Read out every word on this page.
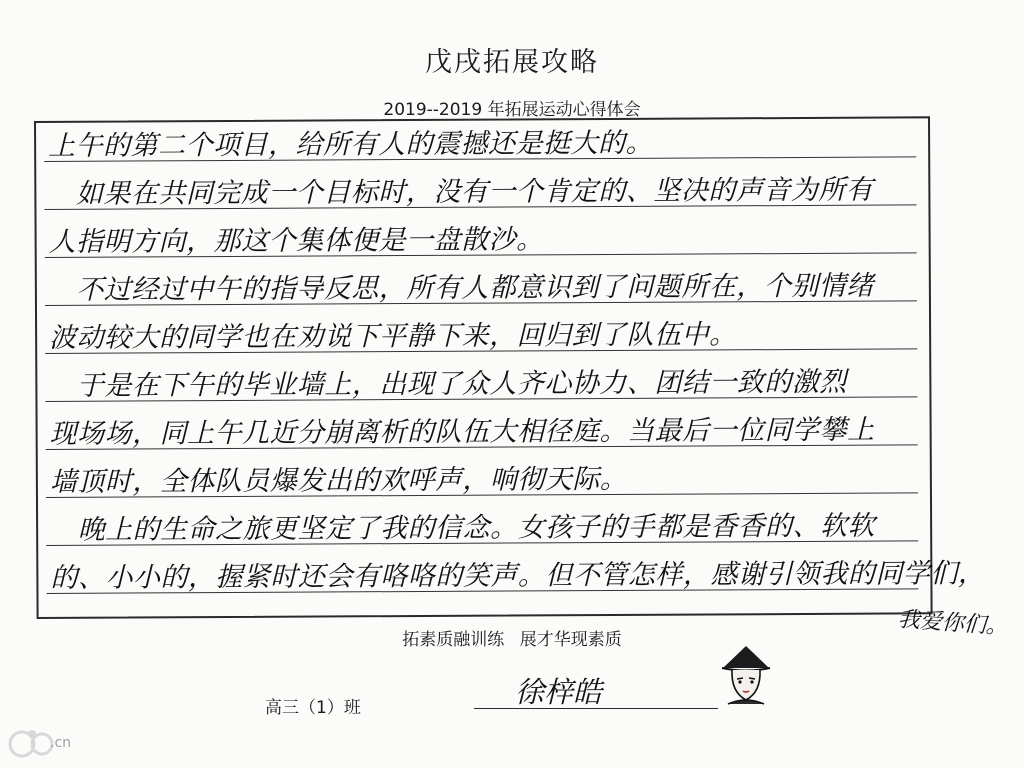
戊戌拓展攻略
2019--2019 年拓展运动心得体会
上午的第二个项目，给所有人的震撼还是挺大的。
　如果在共同完成一个目标时，没有一个肯定的、坚决的声音为所有
人指明方向，那这个集体便是一盘散沙。
　不过经过中午的指导反思，所有人都意识到了问题所在，个别情绪
波动较大的同学也在劝说下平静下来，回归到了队伍中。
　于是在下午的毕业墙上，出现了众人齐心协力、团结一致的激烈
现场场，同上午几近分崩离析的队伍大相径庭。当最后一位同学攀上
墙顶时，全体队员爆发出的欢呼声，响彻天际。
　晚上的生命之旅更坚定了我的信念。女孩子的手都是香香的、软软
的、小小的，握紧时还会有咯咯的笑声。但不管怎样，感谢引领我的同学们，
我爱你们。
拓素质融训练 展才华现素质
高三（1）班	徐梓皓
.cn
